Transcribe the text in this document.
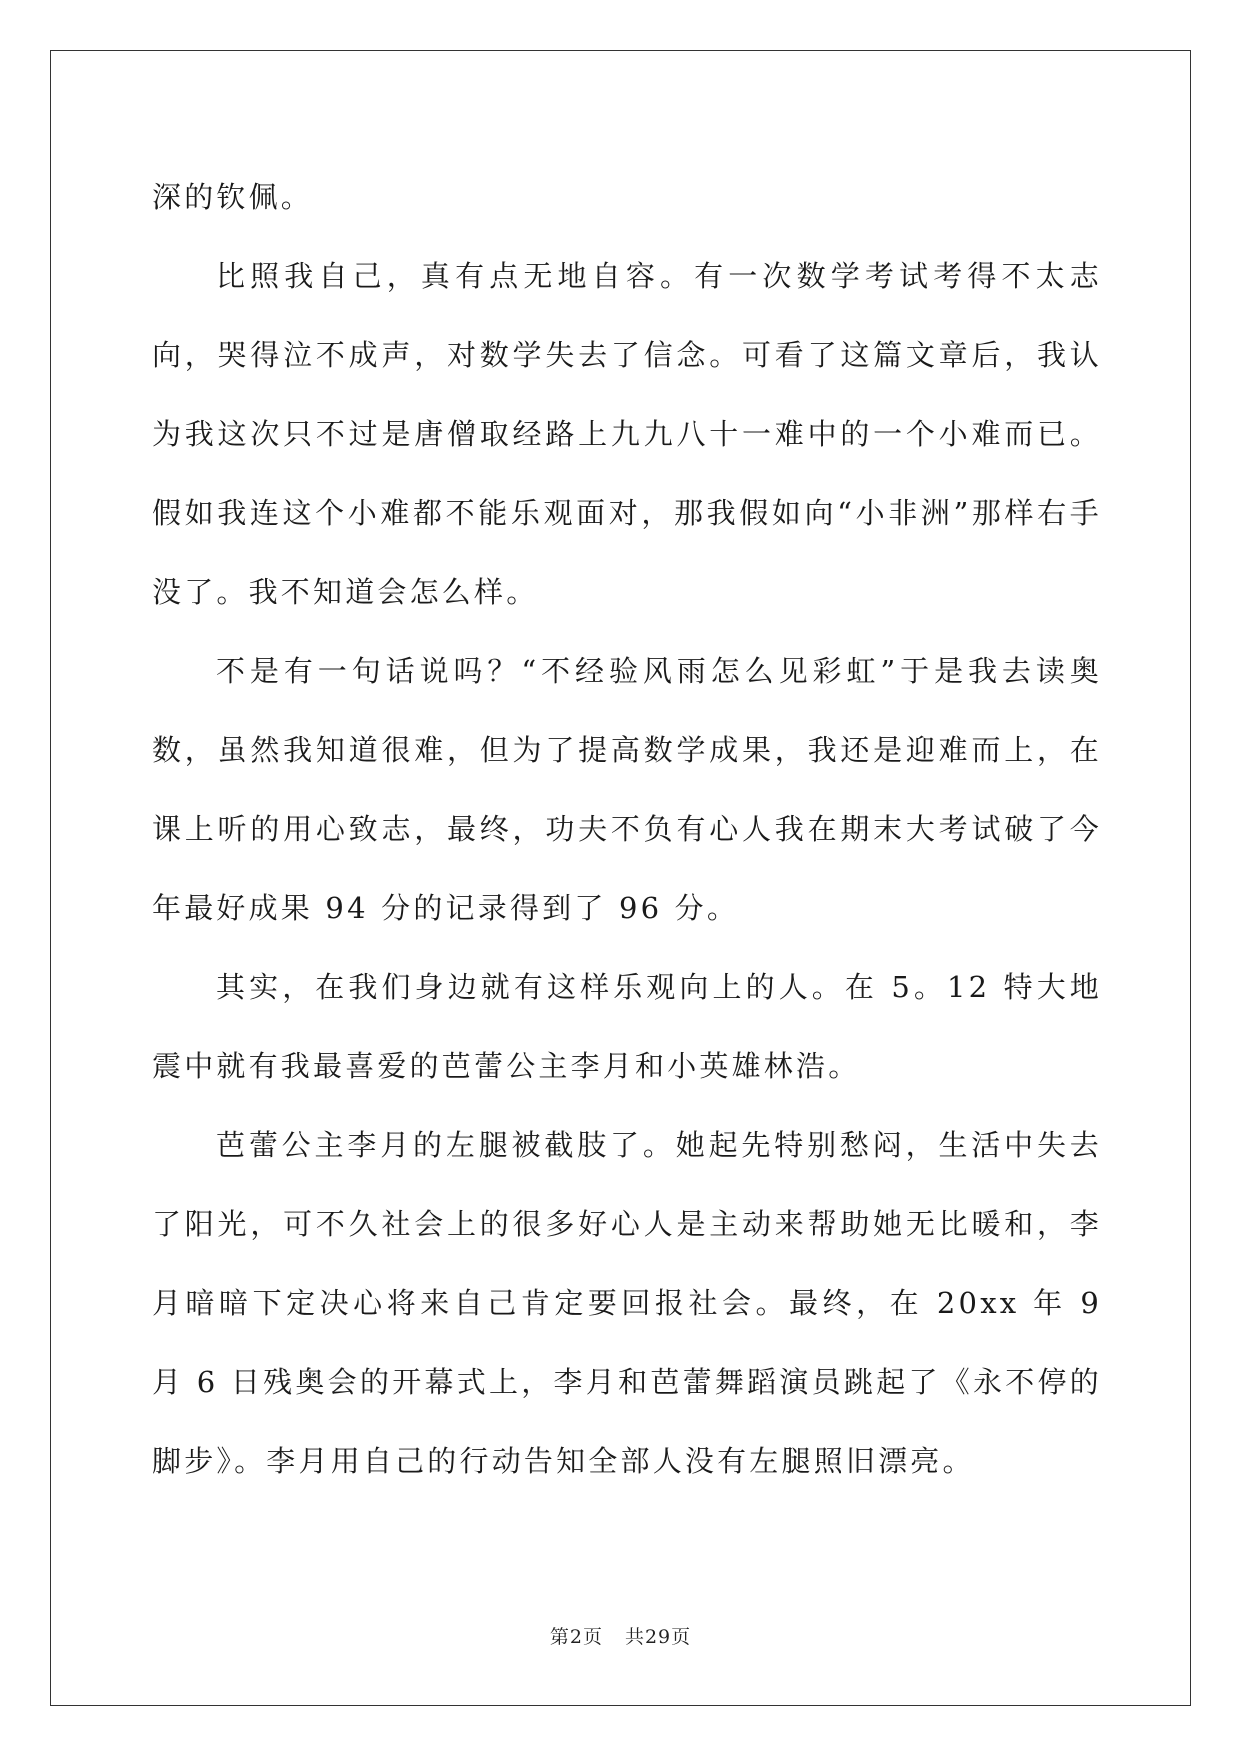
深的钦佩。

比照我自己，真有点无地自容。有一次数学考试考得不太志向，哭得泣不成声，对数学失去了信念。可看了这篇文章后，我认为我这次只不过是唐僧取经路上九九八十一难中的一个小难而已。假如我连这个小难都不能乐观面对，那我假如向“小非洲”那样右手没了。我不知道会怎么样。

不是有一句话说吗？“不经验风雨怎么见彩虹”于是我去读奥数，虽然我知道很难，但为了提高数学成果，我还是迎难而上，在课上听的用心致志，最终，功夫不负有心人我在期末大考试破了今年最好成果 94 分的记录得到了 96 分。

其实，在我们身边就有这样乐观向上的人。在 5。12 特大地震中就有我最喜爱的芭蕾公主李月和小英雄林浩。

芭蕾公主李月的左腿被截肢了。她起先特别愁闷，生活中失去了阳光，可不久社会上的很多好心人是主动来帮助她无比暖和，李月暗暗下定决心将来自己肯定要回报社会。最终，在 20xx 年 9 月 6 日残奥会的开幕式上，李月和芭蕾舞蹈演员跳起了《永不停的脚步》。李月用自己的行动告知全部人没有左腿照旧漂亮。

第2页 共29页
